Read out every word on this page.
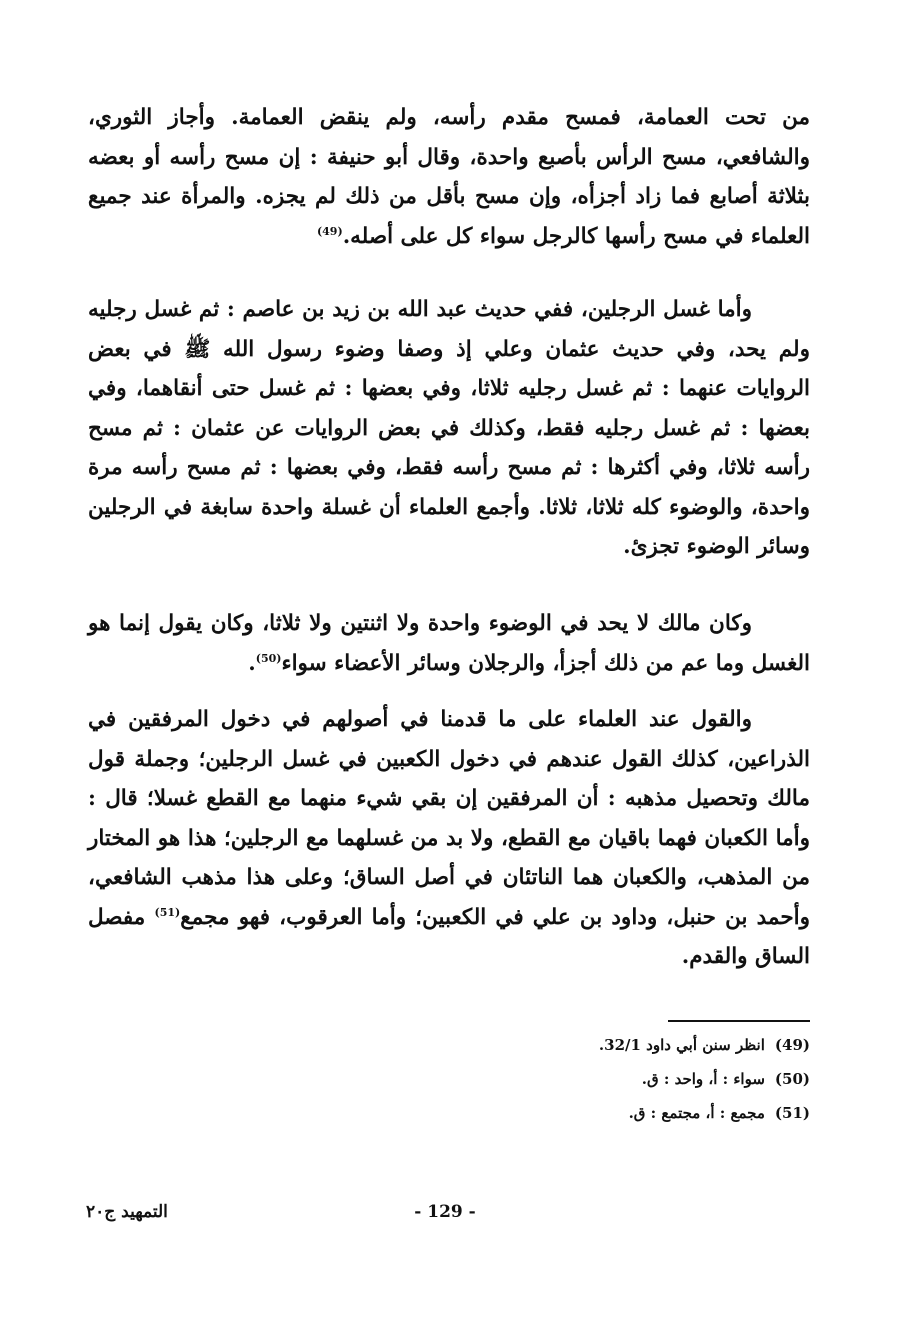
من تحت العمامة، فمسح مقدم رأسه، ولم ينقض العمامة. وأجاز الثوري، والشافعي، مسح الرأس بأصبع واحدة، وقال أبو حنيفة : إن مسح رأسه أو بعضه بثلاثة أصابع فما زاد أجزأه، وإن مسح بأقل من ذلك لم يجزه. والمرأة عند جميع العلماء في مسح رأسها كالرجل سواء كل على أصله.$^{(49)}$

وأما غسل الرجلين، ففي حديث عبد الله بن زيد بن عاصم : ثم غسل رجليه ولم يحد، وفي حديث عثمان وعلي إذ وصفا وضوء رسول الله ﷺ في بعض الروايات عنهما : ثم غسل رجليه ثلاثا، وفي بعضها : ثم غسل حتى أنقاهما، وفي بعضها : ثم غسل رجليه فقط، وكذلك في بعض الروايات عن عثمان : ثم مسح رأسه ثلاثا، وفي أكثرها : ثم مسح رأسه فقط، وفي بعضها : ثم مسح رأسه مرة واحدة، والوضوء كله ثلاثا، ثلاثا. وأجمع العلماء أن غسلة واحدة سابغة في الرجلين وسائر الوضوء تجزئ.

وكان مالك لا يحد في الوضوء واحدة ولا اثنتين ولا ثلاثا، وكان يقول إنما هو الغسل وما عم من ذلك أجزأ، والرجلان وسائر الأعضاء سواء$^{(50)}$.

والقول عند العلماء على ما قدمنا في أصولهم في دخول المرفقين في الذراعين، كذلك القول عندهم في دخول الكعبين في غسل الرجلين؛ وجملة قول مالك وتحصيل مذهبه : أن المرفقين إن بقي شيء منهما مع القطع غسلا؛ قال : وأما الكعبان فهما باقيان مع القطع، ولا بد من غسلهما مع الرجلين؛ هذا هو المختار من المذهب، والكعبان هما الناتئان في أصل الساق؛ وعلى هذا مذهب الشافعي، وأحمد بن حنبل، وداود بن علي في الكعبين؛ وأما العرقوب، فهو مجمع$^{(51)}$ مفصل الساق والقدم.

(49)انظر سنن أبي داود 32/1.

(50)سواء : أ، واحد : ق.

(51)مجمع : أ، مجتمع : ق.

التمهيد ج٢٠	- 129 -
